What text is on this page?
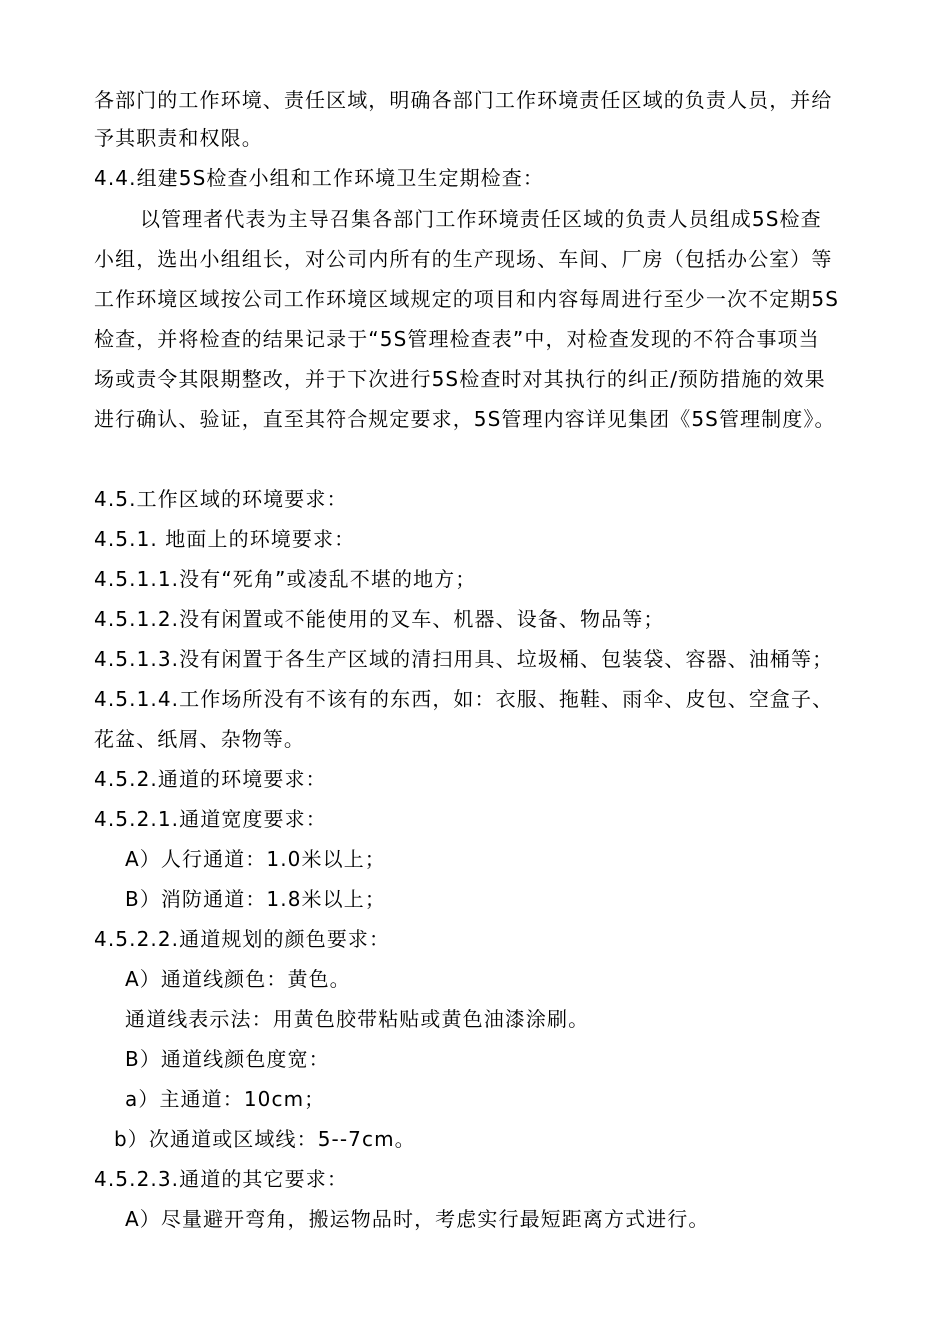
各部门的工作环境、责任区域，明确各部门工作环境责任区域的负责人员，并给
予其职责和权限。
4.4.组建5S检查小组和工作环境卫生定期检查：
以管理者代表为主导召集各部门工作环境责任区域的负责人员组成5S检查
小组，选出小组组长，对公司内所有的生产现场、车间、厂房（包括办公室）等
工作环境区域按公司工作环境区域规定的项目和内容每周进行至少一次不定期5S
检查，并将检查的结果记录于“5S管理检查表”中，对检查发现的不符合事项当
场或责令其限期整改，并于下次进行5S检查时对其执行的纠正/预防措施的效果
进行确认、验证，直至其符合规定要求，5S管理内容详见集团《5S管理制度》。
4.5.工作区域的环境要求：
4.5.1. 地面上的环境要求：
4.5.1.1.没有“死角”或凌乱不堪的地方；
4.5.1.2.没有闲置或不能使用的叉车、机器、设备、物品等；
4.5.1.3.没有闲置于各生产区域的清扫用具、垃圾桶、包装袋、容器、油桶等；
4.5.1.4.工作场所没有不该有的东西，如：衣服、拖鞋、雨伞、皮包、空盒子、
花盆、纸屑、杂物等。
4.5.2.通道的环境要求：
4.5.2.1.通道宽度要求：
A）人行通道：1.0米以上；
B）消防通道：1.8米以上；
4.5.2.2.通道规划的颜色要求：
A）通道线颜色：黄色。
通道线表示法：用黄色胶带粘贴或黄色油漆涂刷。
B）通道线颜色度宽：
a）主通道：10cm；
b）次通道或区域线：5--7cm。
4.5.2.3.通道的其它要求：
A）尽量避开弯角，搬运物品时，考虑实行最短距离方式进行。
